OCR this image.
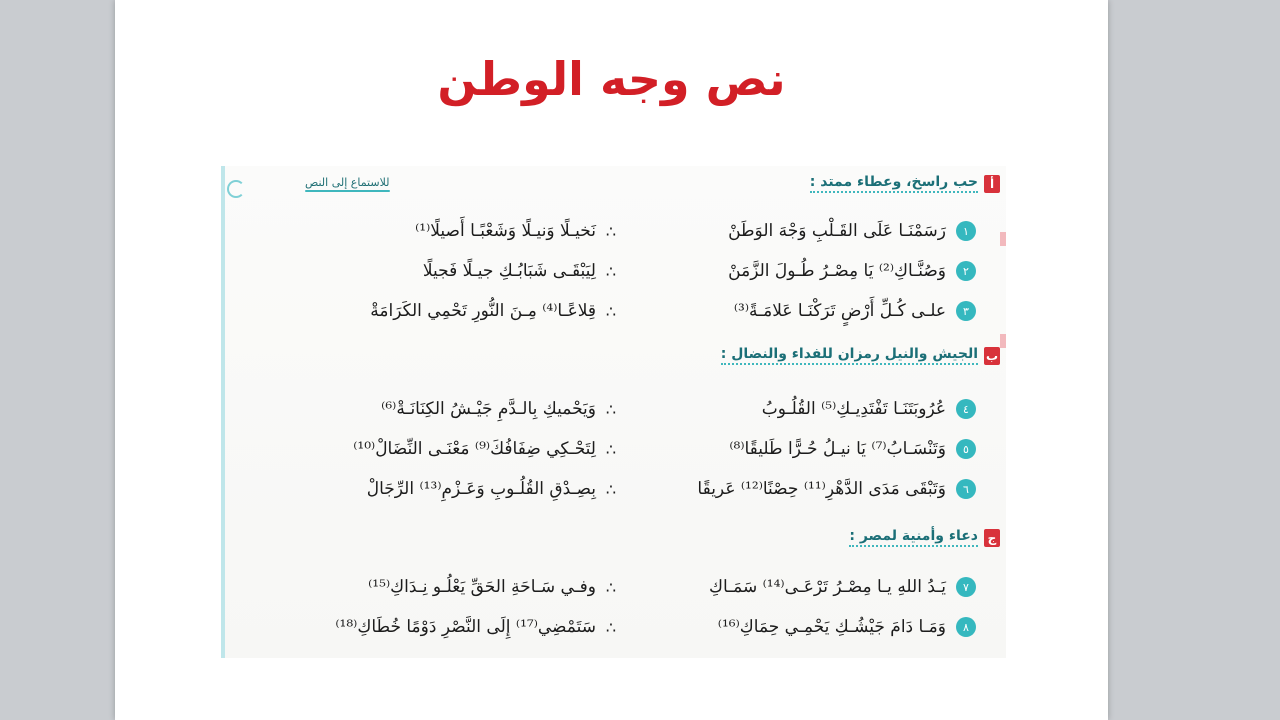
نص وجه الوطن
للاستماع إلى النص	أ
حب راسخ، وعطاء ممتد :
١
رَسَمْنَـا عَلَى القَـلْبِ وَجْهَ الوَطَنْ
∴
نَخيـلًا وَنيـلًا وَشَعْبًـا أَصيلًا⁽¹⁾
٢
وَصُنَّـاكِ⁽²⁾ يَا مِصْـرُ طُـولَ الزَّمَنْ
∴
لِيَبْقَـى شَبَابُـكِ جيـلًا فَجيلًا
٣
علـى كُـلِّ أَرْضٍ تَرَكْنَـا عَلامَـةً⁽³⁾
∴
قِلاعًـا⁽⁴⁾ مِـنَ النُّورِ تَحْمِي الكَرَامَةْ
ب
الجيش والنيل رمزان للفداء والنضال :
٤
عُرُوبَتَنَـا تَفْتَدِيـكِ⁽⁵⁾ القُلُـوبُ
∴
وَيَحْميكِ بِالـدَّمِ جَيْـشُ الكِنَانَـةْ⁽⁶⁾
٥
وَتَنْسَـابُ⁽⁷⁾ يَا نيـلُ حُـرًّا طَليقًا⁽⁸⁾
∴
لِتَحْـكِي ضِفَافُكَ⁽⁹⁾ مَعْنَـى النِّضَالْ⁽¹⁰⁾
٦
وَتَبْقَى مَدَى الدَّهْرِ⁽¹¹⁾ حِصْنًا⁽¹²⁾ عَريقًا
∴
بِصِـدْقِ القُلُـوبِ وَعَـزْمِ⁽¹³⁾ الرِّجَالْ
ج
دعاء وأمنية لمصر :
٧
يَـدُ اللهِ يـا مِصْـرُ تَرْعَـى⁽¹⁴⁾ سَمَـاكِ
∴
وفـي سَـاحَةِ الحَقِّ يَعْلُـو نِـدَاكِ⁽¹⁵⁾
٨
وَمَـا دَامَ جَيْشُـكِ يَحْمِـي حِمَاكِ⁽¹⁶⁾
∴
سَتَمْضِي⁽¹⁷⁾ إِلَى النَّصْرِ دَوْمًا خُطَاكِ⁽¹⁸⁾
